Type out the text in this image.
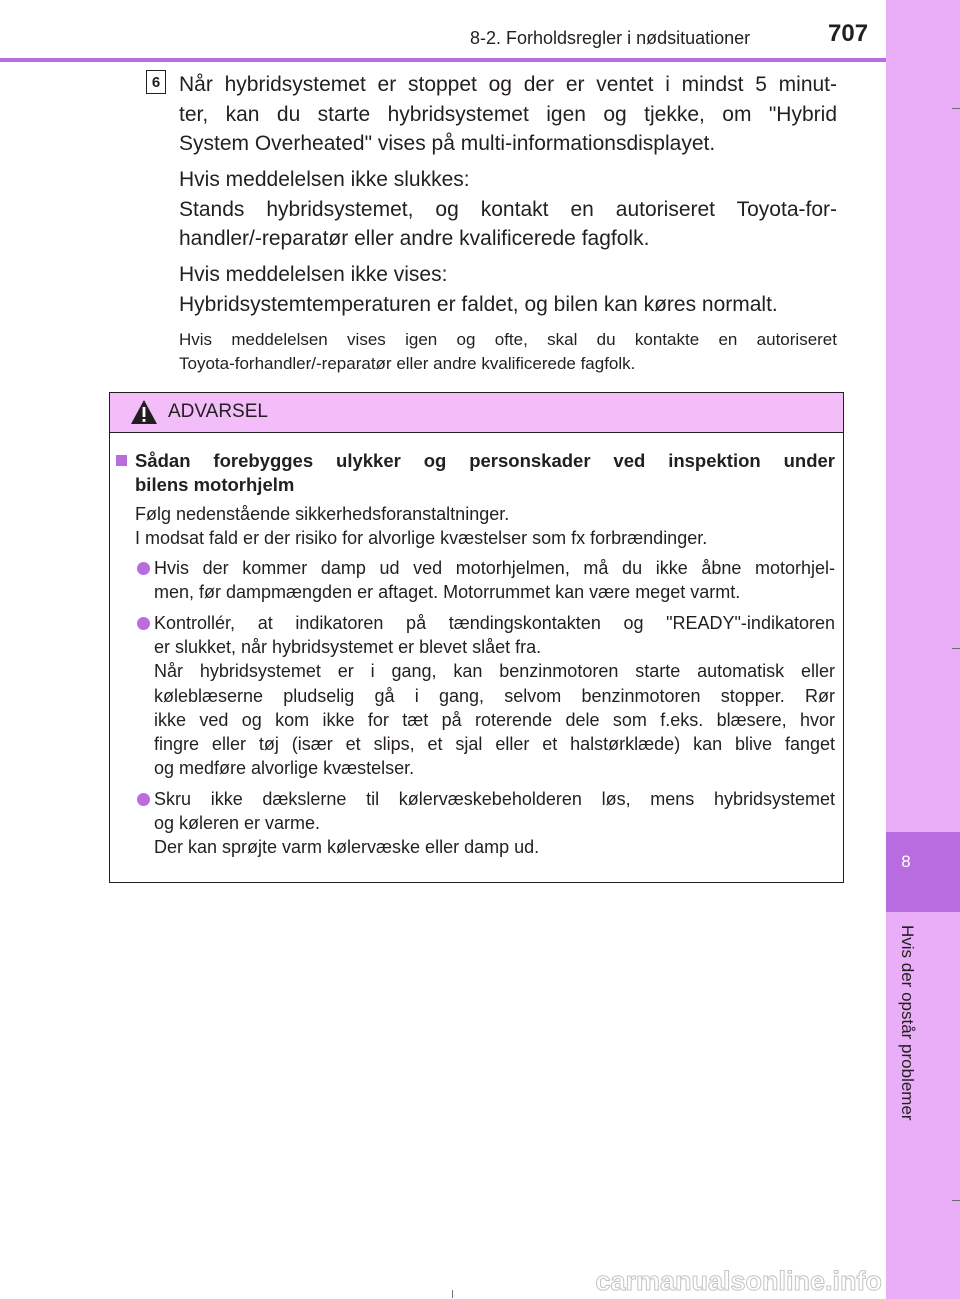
8
Hvis der opstår problemer
8-2. Forholdsregler i nødsituationer	707
6 Når hybridsystemet er stoppet og der er ventet i mindst 5 minut-
ter, kan du starte hybridsystemet igen og tjekke, om "Hybrid
System Overheated" vises på multi-informationsdisplayet.

Hvis meddelelsen ikke slukkes:
Stands hybridsystemet, og kontakt en autoriseret Toyota-for-
handler/-reparatør eller andre kvalificerede fagfolk.

Hvis meddelelsen ikke vises:
Hybridsystemtemperaturen er faldet, og bilen kan køres normalt.

Hvis meddelelsen vises igen og ofte, skal du kontakte en autoriseret
Toyota-forhandler/-reparatør eller andre kvalificerede fagfolk.

ADVARSEL

Sådan forebygges ulykker og personskader ved inspektion under
bilens motorhjelm

Følg nedenstående sikkerhedsforanstaltninger.
I modsat fald er der risiko for alvorlige kvæstelser som fx forbrændinger.

Hvis der kommer damp ud ved motorhjelmen, må du ikke åbne motorhjel-
men, før dampmængden er aftaget. Motorrummet kan være meget varmt.

Kontrollér, at indikatoren på tændingskontakten og "READY"-indikatoren
er slukket, når hybridsystemet er blevet slået fra.
Når hybridsystemet er i gang, kan benzinmotoren starte automatisk eller
køleblæserne pludselig gå i gang, selvom benzinmotoren stopper. Rør
ikke ved og kom ikke for tæt på roterende dele som f.eks. blæsere, hvor
fingre eller tøj (især et slips, et sjal eller et halstørklæde) kan blive fanget
og medføre alvorlige kvæstelser.

Skru ikke dækslerne til kølervæskebeholderen løs, mens hybridsystemet
og køleren er varme.
Der kan sprøjte varm kølervæske eller damp ud.

carmanualsonline.info
